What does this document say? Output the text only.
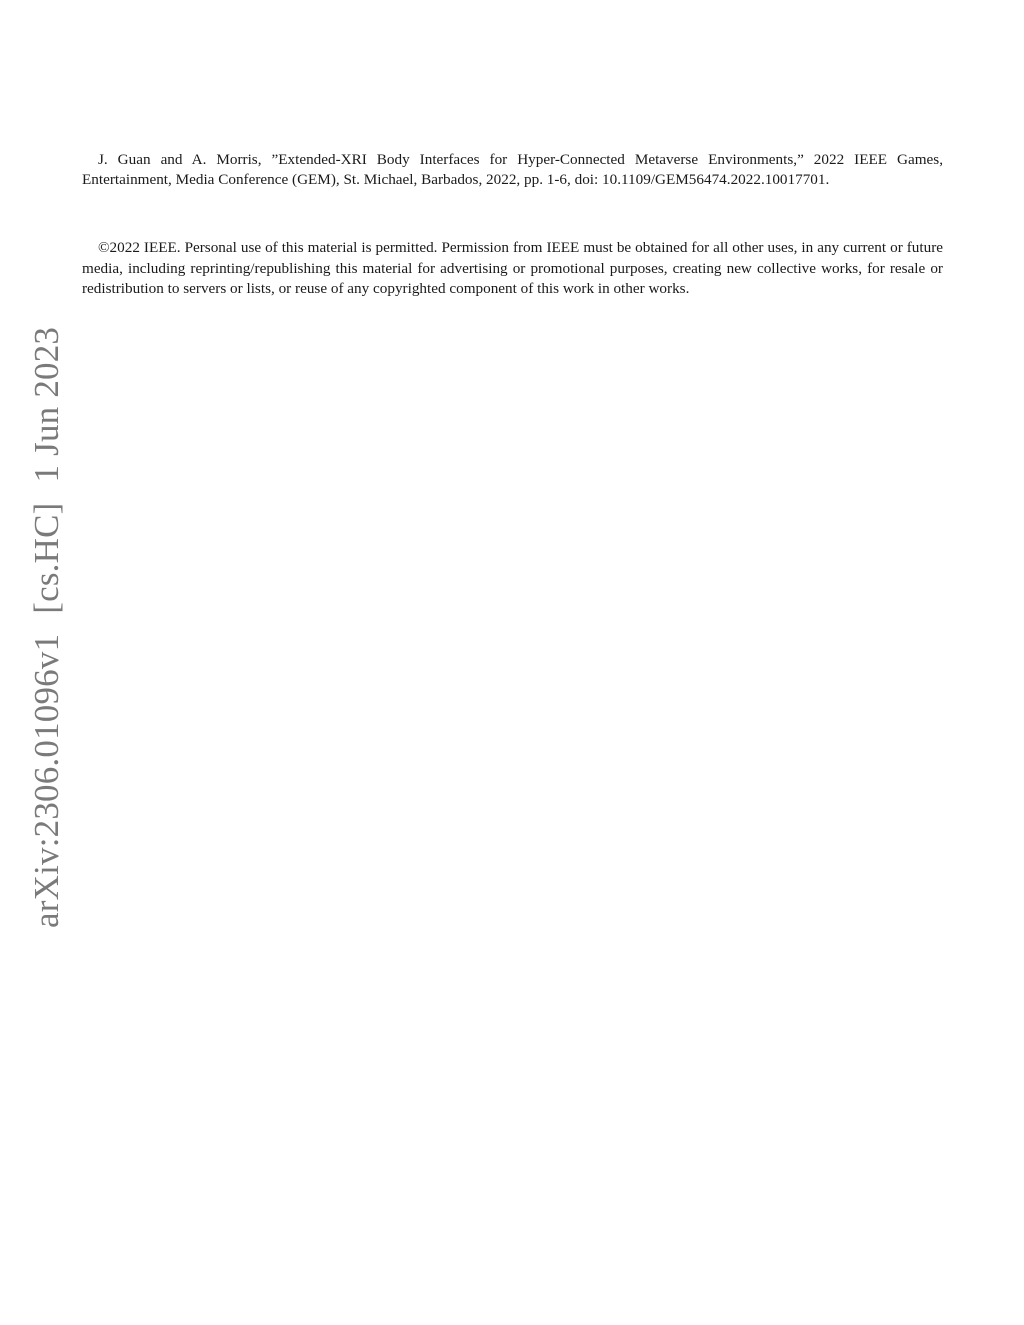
J. Guan and A. Morris, ”Extended-XRI Body Interfaces for Hyper-Connected Metaverse Environments,” 2022 IEEE Games, Entertainment, Media Conference (GEM), St. Michael, Barbados, 2022, pp. 1-6, doi: 10.1109/GEM56474.2022.10017701.

©2022 IEEE. Personal use of this material is permitted. Permission from IEEE must be obtained for all other uses, in any current or future media, including reprinting/republishing this material for advertising or promotional purposes, creating new collective works, for resale or redistribution to servers or lists, or reuse of any copyrighted component of this work in other works.

arXiv:2306.01096v1[cs.HC]1 Jun 2023
